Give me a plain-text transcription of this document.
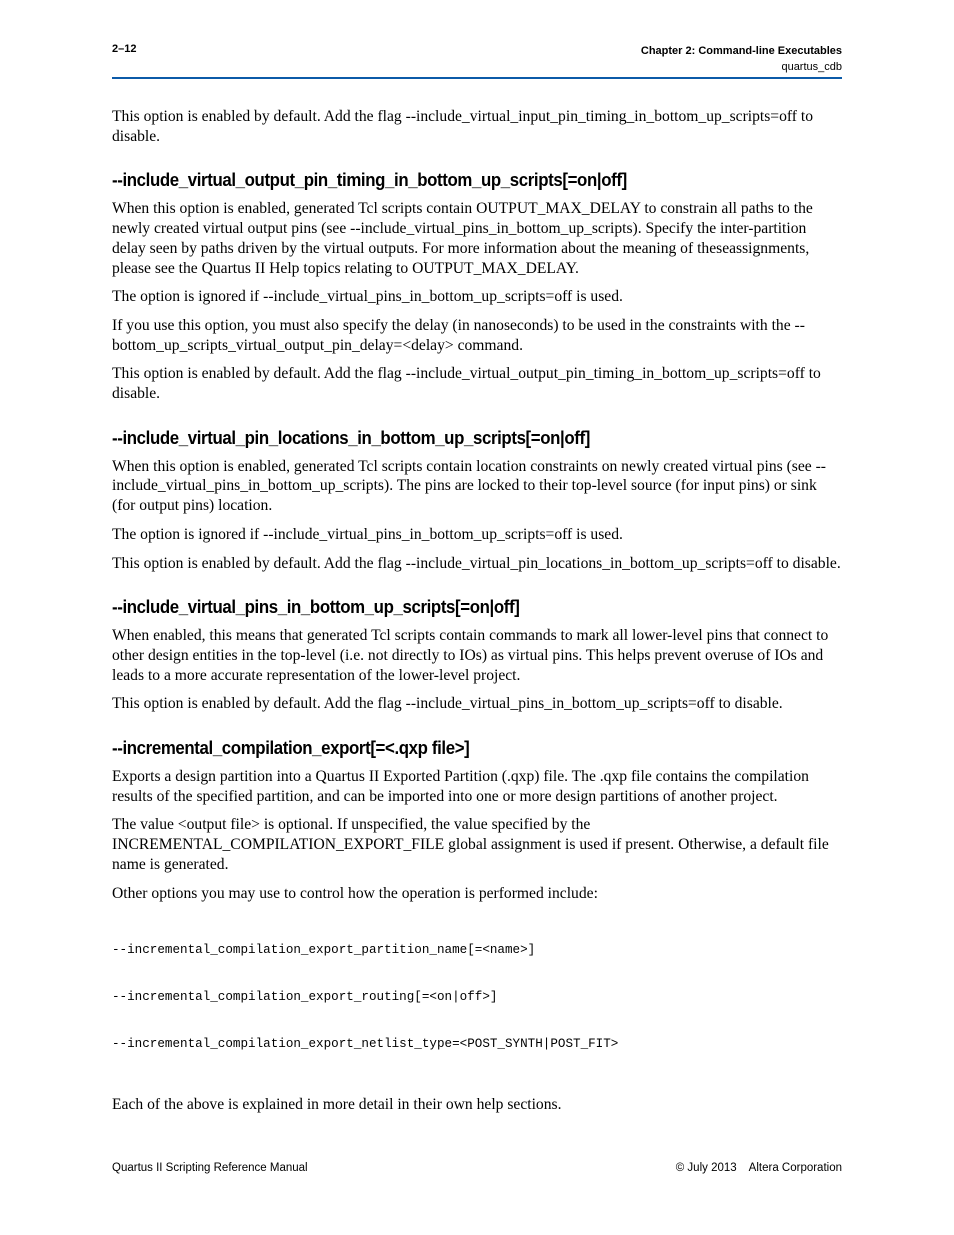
2–12	Chapter 2: Command-line Executables
quartus_cdb

This option is enabled by default. Add the flag --include_virtual_input_pin_timing_in_bottom_up_scripts=off to disable.

--include_virtual_output_pin_timing_in_bottom_up_scripts[=on|off]

When this option is enabled, generated Tcl scripts contain OUTPUT_MAX_DELAY to constrain all paths to the newly created virtual output pins (see --include_virtual_pins_in_bottom_up_scripts). Specify the inter-partition delay seen by paths driven by the virtual outputs. For more information about the meaning of theseassignments, please see the Quartus II Help topics relating to OUTPUT_MAX_DELAY.

The option is ignored if --include_virtual_pins_in_bottom_up_scripts=off is used.

If you use this option, you must also specify the delay (in nanoseconds) to be used in the constraints with the --bottom_up_scripts_virtual_output_pin_delay=<delay> command.

This option is enabled by default. Add the flag --include_virtual_output_pin_timing_in_bottom_up_scripts=off to disable.

--include_virtual_pin_locations_in_bottom_up_scripts[=on|off]

When this option is enabled, generated Tcl scripts contain location constraints on newly created virtual pins (see --include_virtual_pins_in_bottom_up_scripts). The pins are locked to their top-level source (for input pins) or sink (for output pins) location.

The option is ignored if --include_virtual_pins_in_bottom_up_scripts=off is used.

This option is enabled by default. Add the flag --include_virtual_pin_locations_in_bottom_up_scripts=off to disable.

--include_virtual_pins_in_bottom_up_scripts[=on|off]

When enabled, this means that generated Tcl scripts contain commands to mark all lower-level pins that connect to other design entities in the top-level (i.e. not directly to IOs) as virtual pins. This helps prevent overuse of IOs and leads to a more accurate representation of the lower-level project.

This option is enabled by default. Add the flag --include_virtual_pins_in_bottom_up_scripts=off to disable.

--incremental_compilation_export[=<.qxp file>]

Exports a design partition into a Quartus II Exported Partition (.qxp) file. The .qxp file contains the compilation results of the specified partition, and can be imported into one or more design partitions of another project.

The value <output file> is optional. If unspecified, the value specified by the INCREMENTAL_COMPILATION_EXPORT_FILE global assignment is used if present. Otherwise, a default file name is generated.

Other options you may use to control how the operation is performed include:

--incremental_compilation_export_partition_name[=<name>]

--incremental_compilation_export_routing[=<on|off>]

--incremental_compilation_export_netlist_type=<POST_SYNTH|POST_FIT>

Each of the above is explained in more detail in their own help sections.

Quartus II Scripting Reference Manual	© July 2013 Altera Corporation
